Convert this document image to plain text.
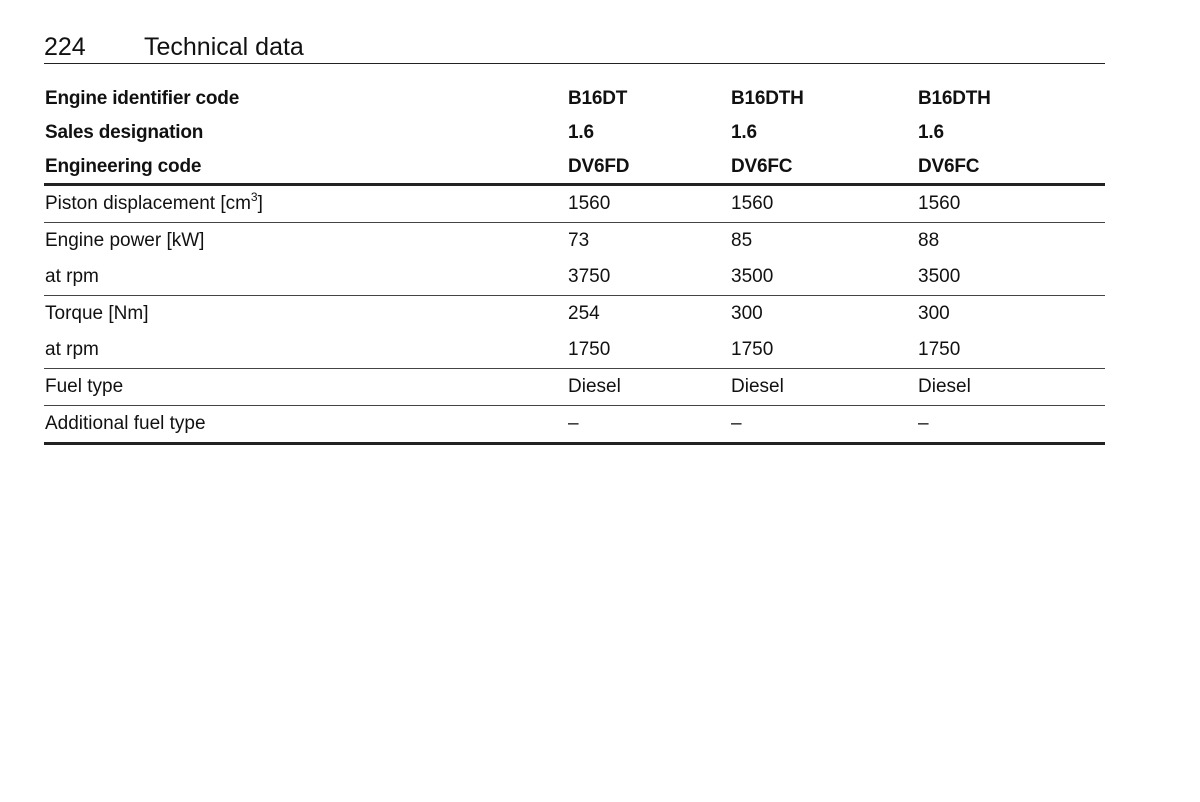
224 Technical data
Engine identifier code	B16DT	B16DTH	B16DTH
Sales designation	1.6	1.6	1.6
Engineering code	DV6FD	DV6FC	DV6FC
Piston displacement $[cm^3]$	1560	1560	1560
Engine power [kW]	73	85	88
at rpm	3750	3500	3500
Torque [Nm]	254	300	300
at rpm	1750	1750	1750
Fuel type	Diesel	Diesel	Diesel
Additional fuel type	–	–	–
